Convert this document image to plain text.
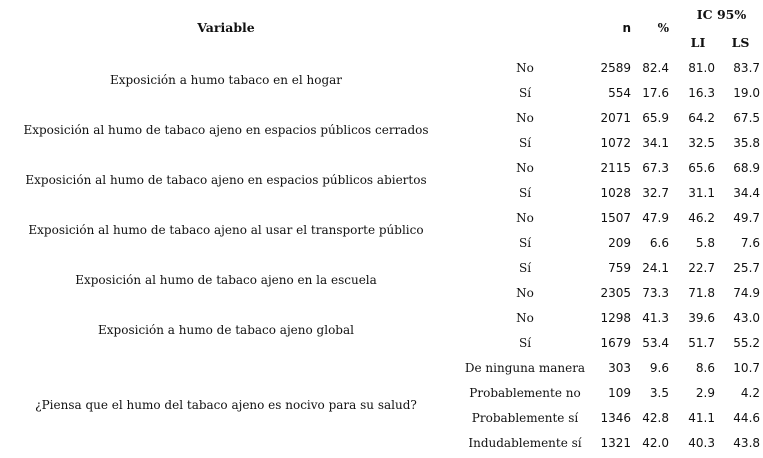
Variable		n	%	IC 95%	
				LI	LS
Exposición a humo tabaco en el hogar	No	2589	82.4	81.0	83.7
	Sí	554	17.6	16.3	19.0
Exposición al humo de tabaco ajeno en espacios públicos cerrados	No	2071	65.9	64.2	67.5
	Sí	1072	34.1	32.5	35.8
Exposición al humo de tabaco ajeno en espacios públicos abiertos	No	2115	67.3	65.6	68.9
	Sí	1028	32.7	31.1	34.4
Exposición al humo de tabaco ajeno al usar el transporte público	No	1507	47.9	46.2	49.7
	Sí	209	6.6	5.8	7.6
Exposición al humo de tabaco ajeno en la escuela	Sí	759	24.1	22.7	25.7
	No	2305	73.3	71.8	74.9
Exposición a humo de tabaco ajeno global	No	1298	41.3	39.6	43.0
	Sí	1679	53.4	51.7	55.2
¿Piensa que el humo del tabaco ajeno es nocivo para su salud?	De ninguna manera	303	9.6	8.6	10.7
	Probablemente no	109	3.5	2.9	4.2
	Probablemente sí	1346	42.8	41.1	44.6
	Indudablemente sí	1321	42.0	40.3	43.8
